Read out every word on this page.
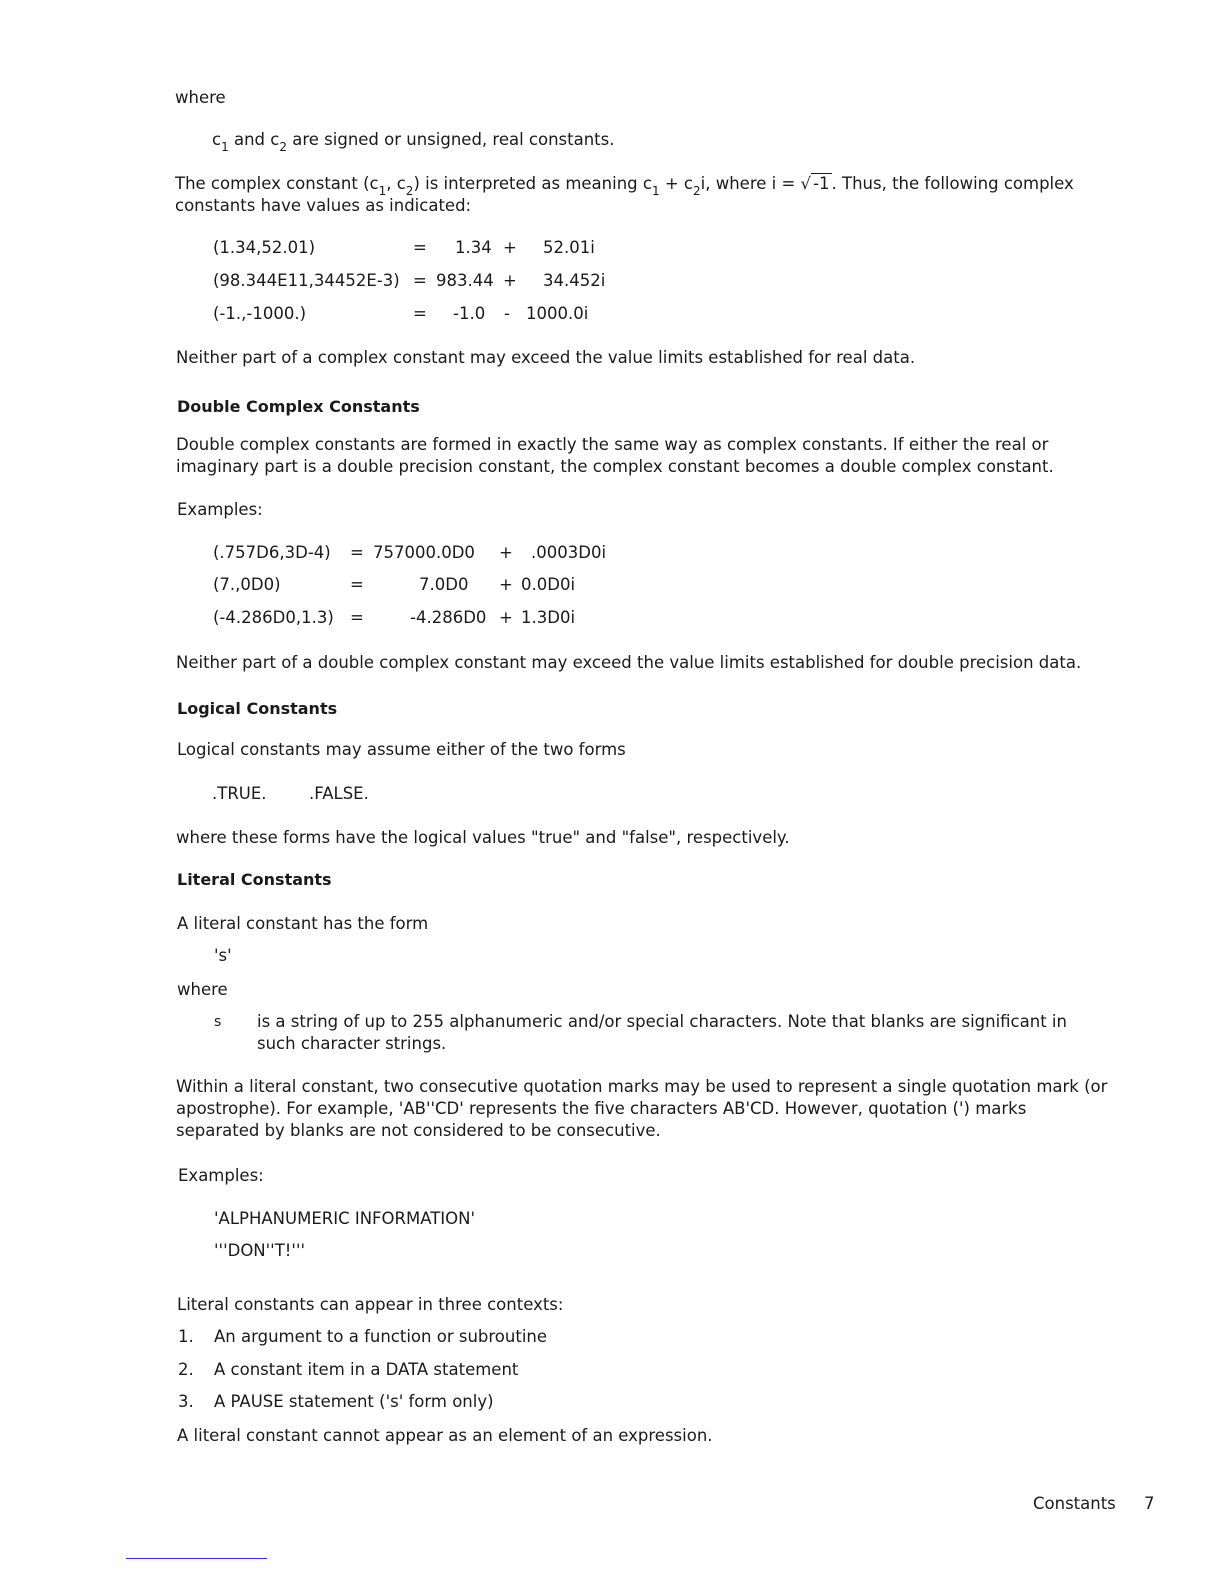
where
$c_1$ and $c_2$ are signed or unsigned, real constants.
The complex constant ($c_1$, $c_2$) is interpreted as meaning $c_1 + c_2i$, where i = √ -1 . Thus, the following complex
constants have values as indicated:
(1.34,52.01)	= 1.34 + 52.01i
(98.344E11,34452E-3) = 983.44 + 34.452i
(-1.,-1000.)	= -1.0 - 1000.0i
Neither part of a complex constant may exceed the value limits established for real data.
Double Complex Constants
Double complex constants are formed in exactly the same way as complex constants. If either the real or imaginary part is a double precision constant, the complex constant becomes a double complex constant.
Examples:
(.757D6,3D-4) = 757000.0D0 + .0003D0i
(7.,0D0)	=	7.0D0 + 0.0D0i
(-4.286D0,1.3) =	-4.286D0 + 1.3D0i
Neither part of a double complex constant may exceed the value limits established for double precision data.
Logical Constants
Logical constants may assume either of the two forms
.TRUE.	.FALSE.
where these forms have the logical values "true" and "false", respectively.
Literal Constants
A literal constant has the form
's'
where
s is a string of up to 255 alphanumeric and/or special characters. Note that blanks are significant in such character strings.
Within a literal constant, two consecutive quotation marks may be used to represent a single quotation mark (or apostrophe). For example, 'AB''CD' represents the five characters AB'CD. However, quotation (') marks separated by blanks are not considered to be consecutive.
Examples:
'ALPHANUMERIC INFORMATION'
'''DON''T!'''
Literal constants can appear in three contexts:
1. An argument to a function or subroutine
2. A constant item in a DATA statement
3. A PAUSE statement ('s' form only)
A literal constant cannot appear as an element of an expression.
Constants 7
